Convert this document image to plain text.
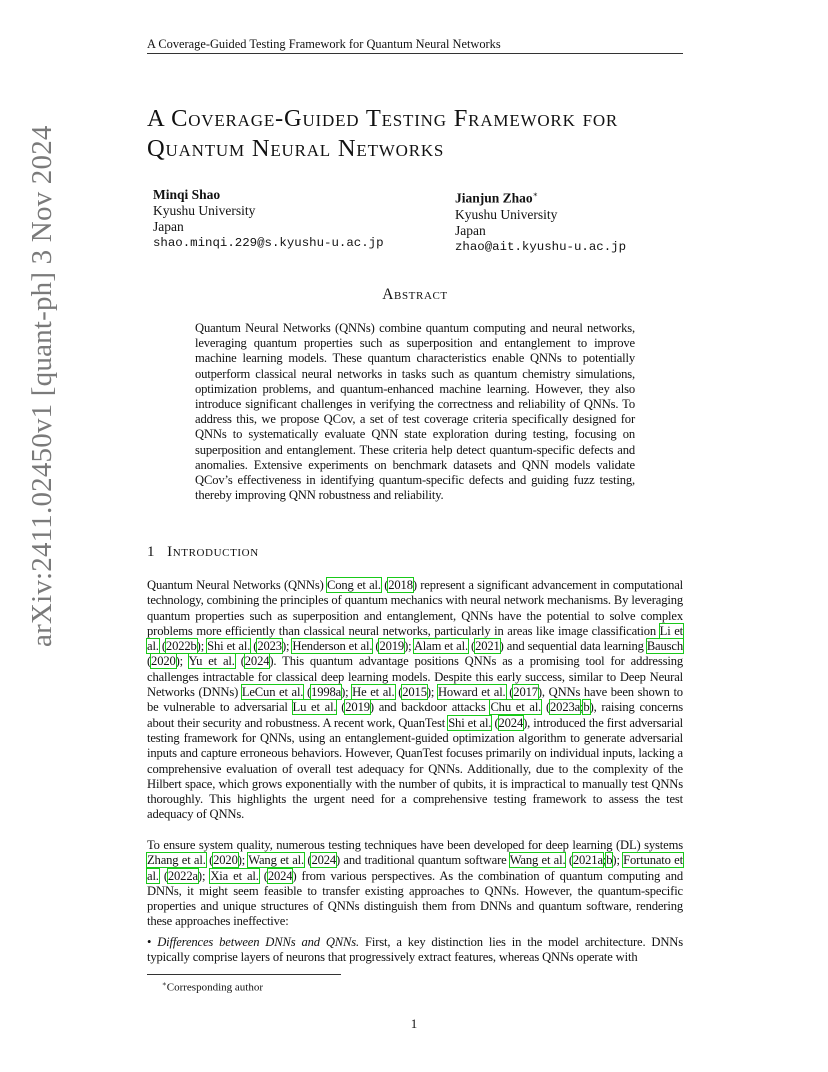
A Coverage-Guided Testing Framework for Quantum Neural Networks
arXiv:2411.02450v1 [quant-ph] 3 Nov 2024
A Coverage-Guided Testing Framework for
Quantum Neural Networks
Minqi Shao
Kyushu University
Japan
shao.minqi.229@s.kyushu-u.ac.jp
Jianjun Zhao∗
Kyushu University
Japan
zhao@ait.kyushu-u.ac.jp
Abstract
Quantum Neural Networks (QNNs) combine quantum computing and neural networks, leveraging quantum properties such as superposition and entanglement to improve machine learning models. These quantum characteristics enable QNNs to potentially outperform classical neural networks in tasks such as quantum chemistry simulations, optimization problems, and quantum-enhanced machine learning. However, they also introduce significant challenges in verifying the correctness and reliability of QNNs. To address this, we propose QCov, a set of test coverage criteria specifically designed for QNNs to systematically evaluate QNN state exploration during testing, focusing on superposition and entanglement. These criteria help detect quantum-specific defects and anomalies. Extensive experiments on benchmark datasets and QNN models validate QCov’s effectiveness in identifying quantum-specific defects and guiding fuzz testing, thereby improving QNN robustness and reliability.
1 Introduction
Quantum Neural Networks (QNNs) Cong et al. (2018) represent a significant advancement in computational technology, combining the principles of quantum mechanics with neural network mechanisms. By leveraging quantum properties such as superposition and entanglement, QNNs have the potential to solve complex problems more efficiently than classical neural networks, particularly in areas like image classification Li et al. (2022b); Shi et al. (2023); Henderson et al. (2019); Alam et al. (2021) and sequential data learning Bausch (2020); Yu et al. (2024). This quantum advantage positions QNNs as a promising tool for addressing challenges intractable for classical deep learning models. Despite this early success, similar to Deep Neural Networks (DNNs) LeCun et al. (1998a); He et al. (2015); Howard et al. (2017), QNNs have been shown to be vulnerable to adversarial Lu et al. (2019) and backdoor attacks Chu et al. (2023a;b), raising concerns about their security and robustness. A recent work, QuanTest Shi et al. (2024), introduced the first adversarial testing framework for QNNs, using an entanglement-guided optimization algorithm to generate adversarial inputs and capture erroneous behaviors. However, QuanTest focuses primarily on individual inputs, lacking a comprehensive evaluation of overall test adequacy for QNNs. Additionally, due to the complexity of the Hilbert space, which grows exponentially with the number of qubits, it is impractical to manually test QNNs thoroughly. This highlights the urgent need for a comprehensive testing framework to assess the test adequacy of QNNs.
To ensure system quality, numerous testing techniques have been developed for deep learning (DL) systems Zhang et al. (2020); Wang et al. (2024) and traditional quantum software Wang et al. (2021a;b); Fortunato et al. (2022a); Xia et al. (2024) from various perspectives. As the combination of quantum computing and DNNs, it might seem feasible to transfer existing approaches to QNNs. However, the quantum-specific properties and unique structures of QNNs distinguish them from DNNs and quantum software, rendering these approaches ineffective:
• Differences between DNNs and QNNs. First, a key distinction lies in the model architecture. DNNs typically comprise layers of neurons that progressively extract features, whereas QNNs operate with
∗Corresponding author
1
